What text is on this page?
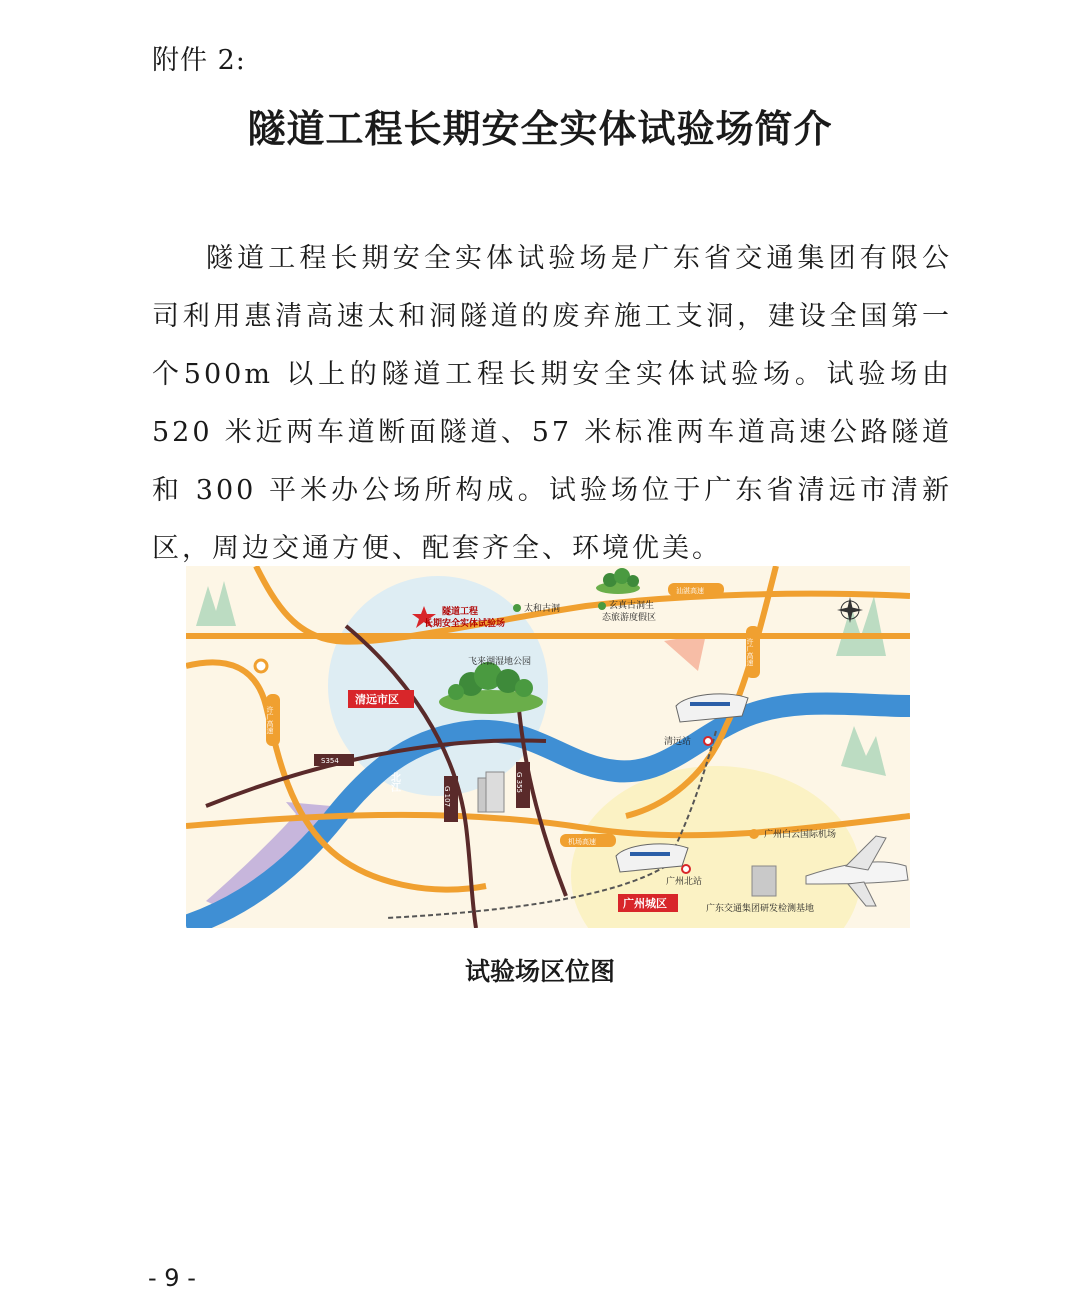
附件 2:
隧道工程长期安全实体试验场简介

隧道工程长期安全实体试验场是广东省交通集团有限公司利用惠清高速太和洞隧道的废弃施工支洞，建设全国第一个500m 以上的隧道工程长期安全实体试验场。试验场由 520 米近两车道断面隧道、57 米标准两车道高速公路隧道和 300 平米办公场所构成。试验场位于广东省清远市清新区，周边交通方便、配套齐全、环境优美。

隧道工程
长期安全实体试验场
太和古洞	玄真古洞生
态旅游度假区
飞来湖湿地公园
清远市区
广州城区
清远站
广州北站
广州白云国际机场
广东交通集团研发检测基地
汕湛高速
许广高速
许广高速
机场高速
S354
G 107
G 355
北江
试验场区位图
- 9 -
